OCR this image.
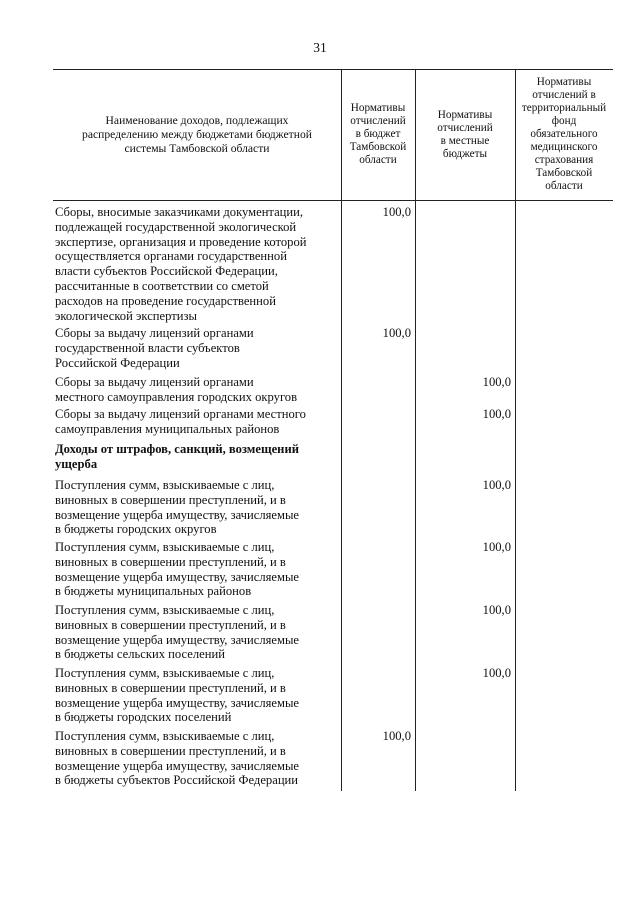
31
Наименование доходов, подлежащих
распределению между бюджетами бюджетной
системы Тамбовской области
Нормативы
отчислений
в бюджет
Тамбовской
области
Нормативы
отчислений
в местные
бюджеты
Нормативы
отчислений в
территориальный
фонд
обязательного
медицинского
страхования
Тамбовской
области
Сборы, вносимые заказчиками документации,
подлежащей государственной экологической
экспертизе, организация и проведение которой
осуществляется органами государственной
власти субъектов Российской Федерации,
рассчитанные в соответствии со сметой
расходов на проведение государственной
экологической экспертизы
100,0
Сборы за выдачу лицензий органами
государственной власти субъектов
Российской Федерации
100,0
Сборы за выдачу лицензий органами
местного самоуправления городских округов
100,0
Сборы за выдачу лицензий органами местного
самоуправления муниципальных районов
100,0
Доходы от штрафов, санкций, возмещений
ущерба
Поступления сумм, взыскиваемые с лиц,
виновных в совершении преступлений, и в
возмещение ущерба имуществу, зачисляемые
в бюджеты городских округов
100,0
Поступления сумм, взыскиваемые с лиц,
виновных в совершении преступлений, и в
возмещение ущерба имуществу, зачисляемые
в бюджеты муниципальных районов
100,0
Поступления сумм, взыскиваемые с лиц,
виновных в совершении преступлений, и в
возмещение ущерба имуществу, зачисляемые
в бюджеты сельских поселений
100,0
Поступления сумм, взыскиваемые с лиц,
виновных в совершении преступлений, и в
возмещение ущерба имуществу, зачисляемые
в бюджеты городских поселений
100,0
Поступления сумм, взыскиваемые с лиц,
виновных в совершении преступлений, и в
возмещение ущерба имуществу, зачисляемые
в бюджеты субъектов Российской Федерации
100,0
